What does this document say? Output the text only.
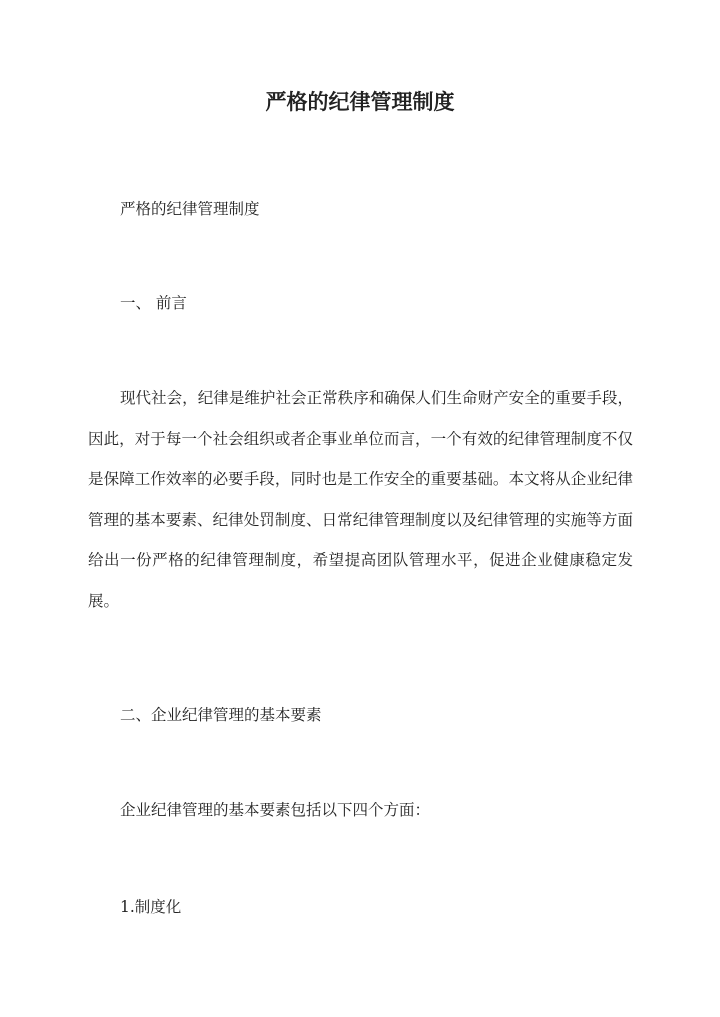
严格的纪律管理制度

严格的纪律管理制度

一、 前言

现代社会，纪律是维护社会正常秩序和确保人们生命财产安全的重要手段，因此，对于每一个社会组织或者企事业单位而言，一个有效的纪律管理制度不仅是保障工作效率的必要手段，同时也是工作安全的重要基础。本文将从企业纪律管理的基本要素、纪律处罚制度、日常纪律管理制度以及纪律管理的实施等方面给出一份严格的纪律管理制度，希望提高团队管理水平，促进企业健康稳定发展。

二、企业纪律管理的基本要素

企业纪律管理的基本要素包括以下四个方面：

1.制度化
